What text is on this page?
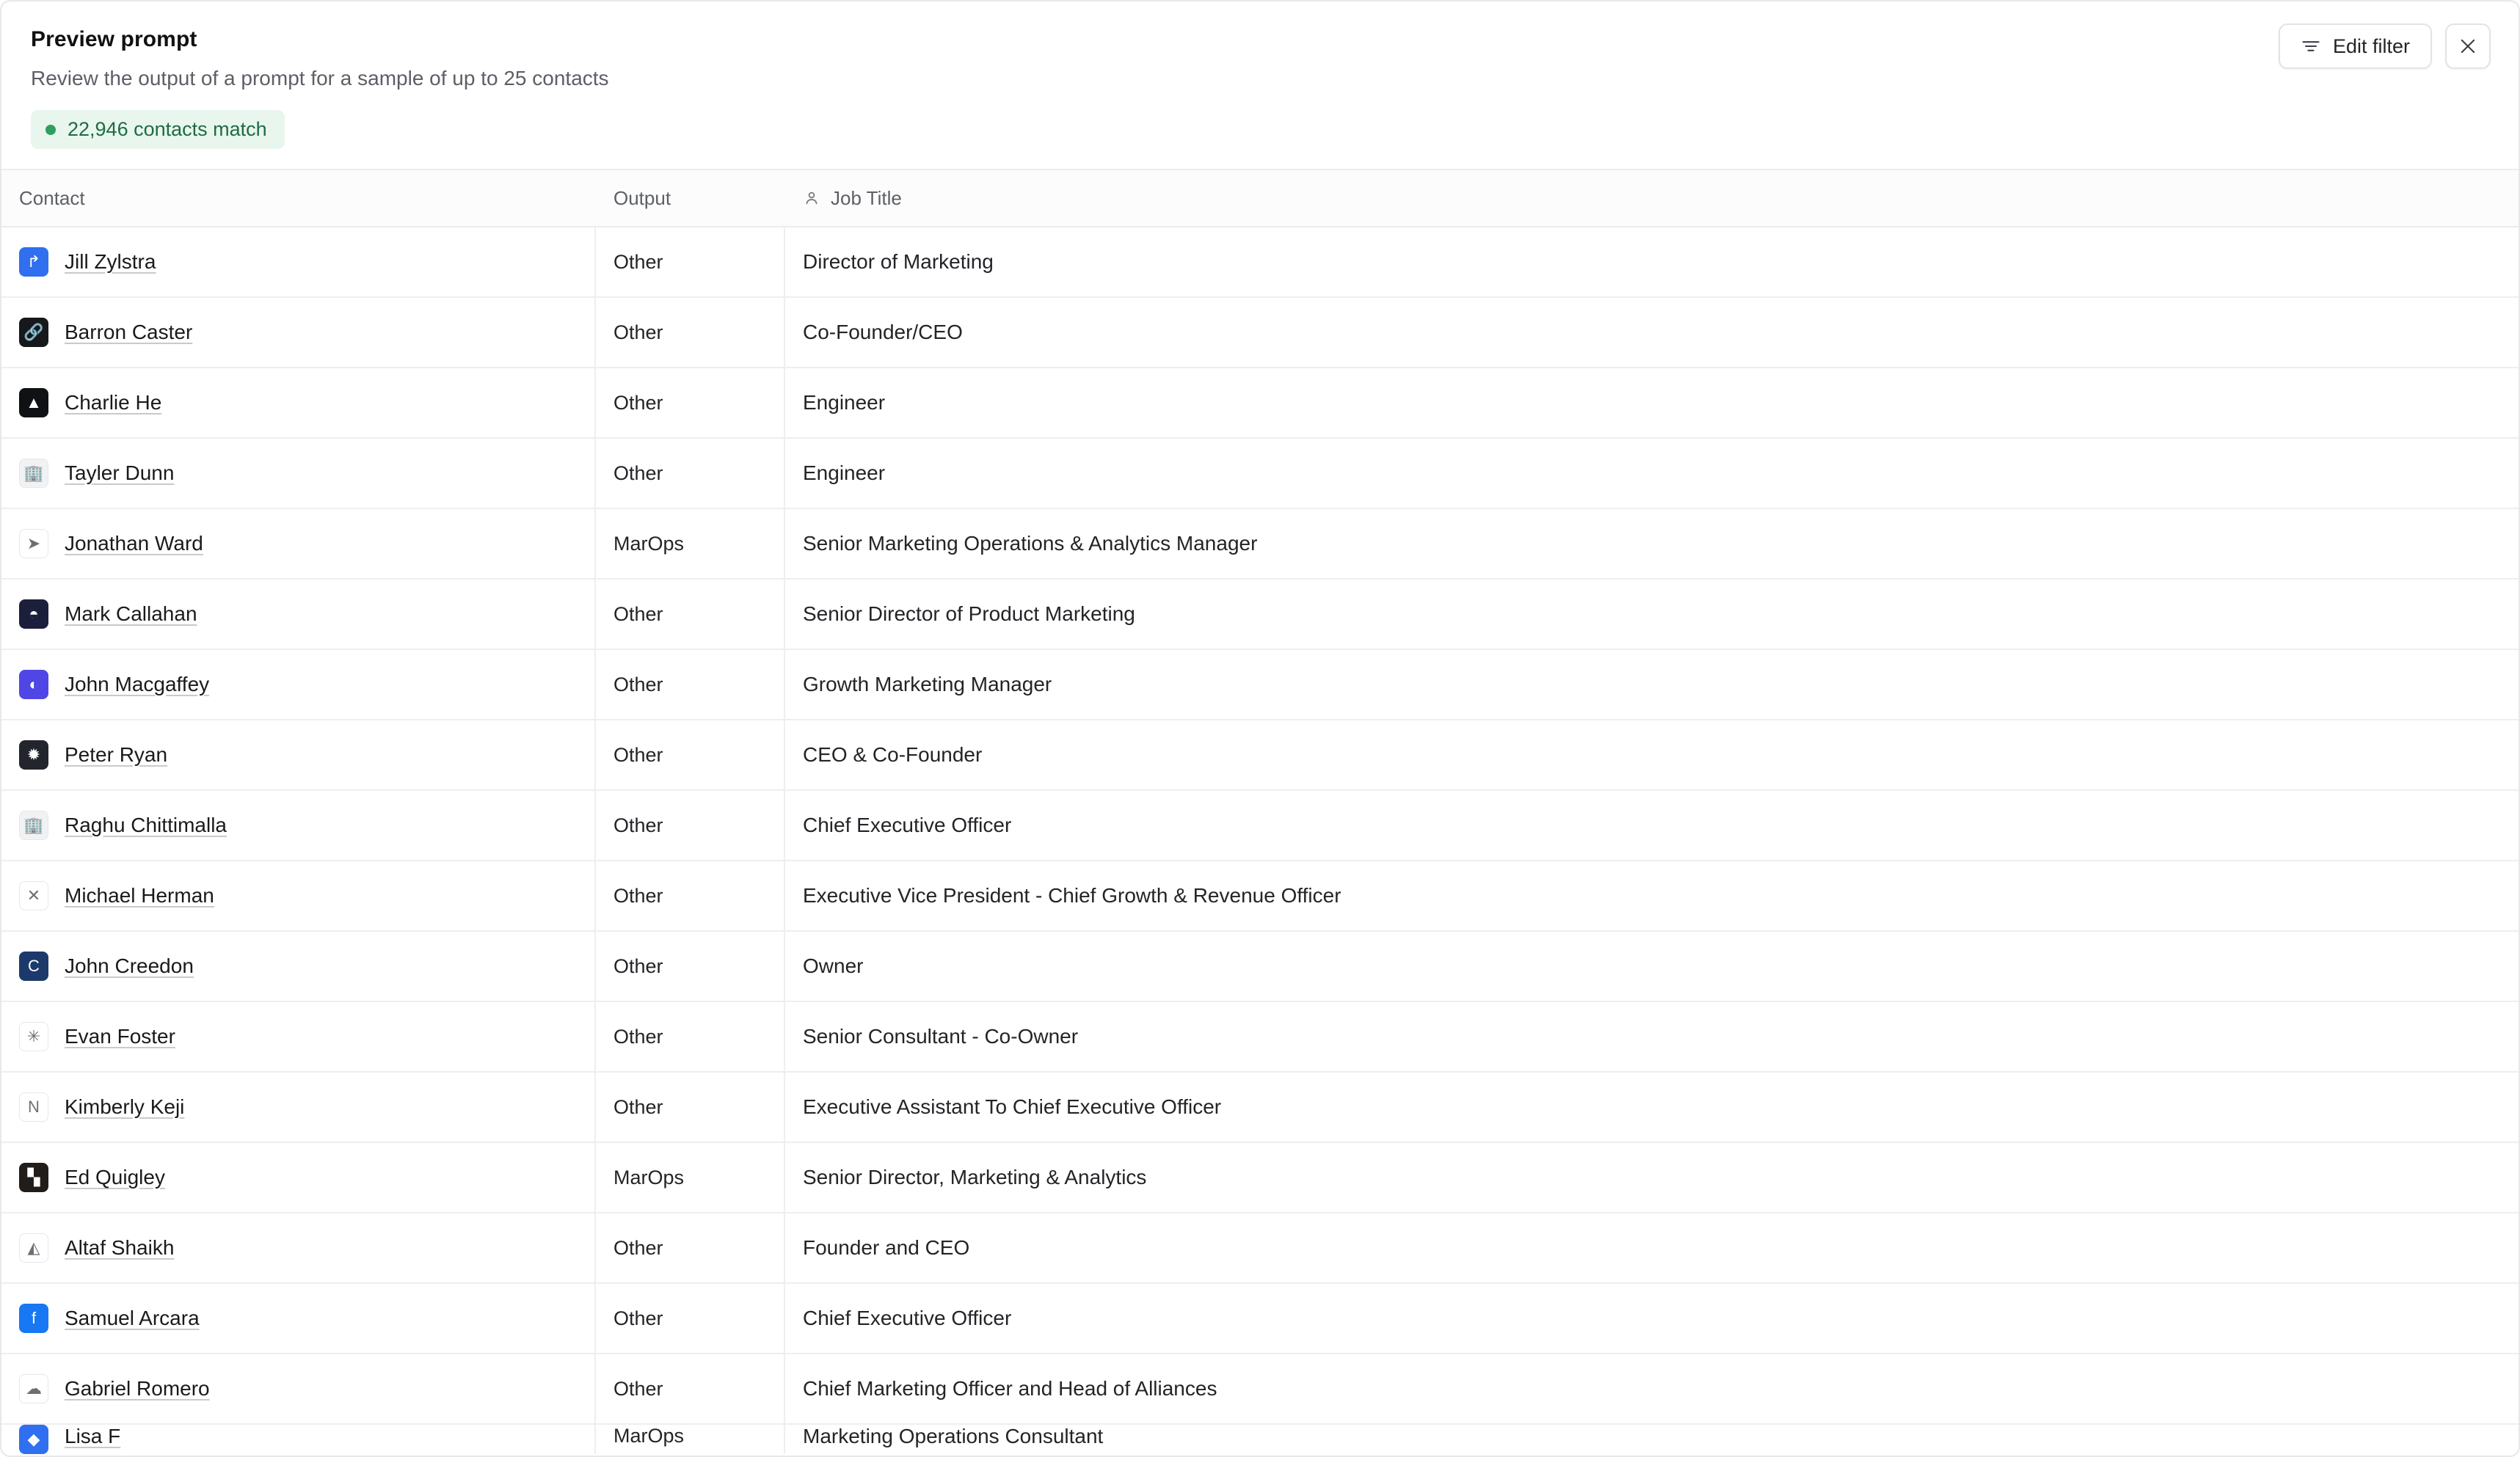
Preview prompt
Review the output of a prompt for a sample of up to 25 contacts
22,946 contacts match
Edit filter
Contact	Output	Job Title
↱	Jill Zylstra	Other	Director of Marketing
🔗 Barron Caster	Other	Co-Founder/CEO
▲	Charlie He	Other	Engineer
🏢 Tayler Dunn	Other	Engineer
➤	Jonathan Ward	MarOps	Senior Marketing Operations & Analytics Manager
◓	Mark Callahan	Other	Senior Director of Product Marketing
◐	John Macgaffey	Other	Growth Marketing Manager
✹	Peter Ryan	Other	CEO & Co-Founder
🏢 Raghu Chittimalla	Other	Chief Executive Officer
✕	Michael Herman	Other	Executive Vice President - Chief Growth & Revenue Officer
C	John Creedon	Other	Owner
✳	Evan Foster	Other	Senior Consultant - Co-Owner
Ν	Kimberly Keji	Other	Executive Assistant To Chief Executive Officer
▚	Ed Quigley	MarOps	Senior Director, Marketing & Analytics
◭	Altaf Shaikh	Other	Founder and CEO
f	Samuel Arcara	Other	Chief Executive Officer
☁	Gabriel Romero	Other	Chief Marketing Officer and Head of Alliances
◆	Lisa F	MarOps	Marketing Operations Consultant
